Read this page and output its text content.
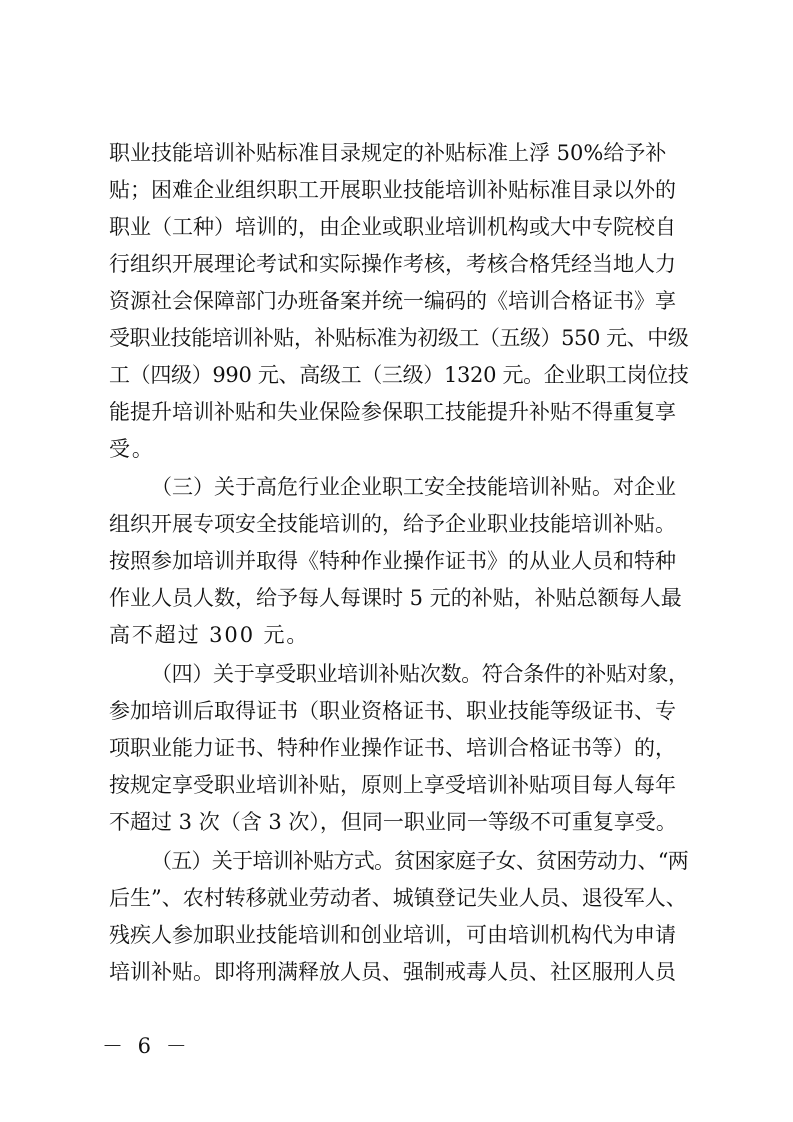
职业技能培训补贴标准目录规定的补贴标准上浮 50%给予补
贴；困难企业组织职工开展职业技能培训补贴标准目录以外的
职业（工种）培训的，由企业或职业培训机构或大中专院校自
行组织开展理论考试和实际操作考核，考核合格凭经当地人力
资源社会保障部门办班备案并统一编码的《培训合格证书》享
受职业技能培训补贴，补贴标准为初级工（五级）550 元、中级
工（四级）990 元、高级工（三级）1320 元。企业职工岗位技
能提升培训补贴和失业保险参保职工技能提升补贴不得重复享
受。
（三）关于高危行业企业职工安全技能培训补贴。对企业
组织开展专项安全技能培训的，给予企业职业技能培训补贴。
按照参加培训并取得《特种作业操作证书》的从业人员和特种
作业人员人数，给予每人每课时 5 元的补贴，补贴总额每人最
高不超过 300 元。
（四）关于享受职业培训补贴次数。符合条件的补贴对象，
参加培训后取得证书（职业资格证书、职业技能等级证书、专
项职业能力证书、特种作业操作证书、培训合格证书等）的，
按规定享受职业培训补贴，原则上享受培训补贴项目每人每年
不超过 3 次（含 3 次），但同一职业同一等级不可重复享受。
（五）关于培训补贴方式。贫困家庭子女、贫困劳动力、“两
后生”、农村转移就业劳动者、城镇登记失业人员、退役军人、
残疾人参加职业技能培训和创业培训，可由培训机构代为申请
培训补贴。即将刑满释放人员、强制戒毒人员、社区服刑人员
－ 6 －
